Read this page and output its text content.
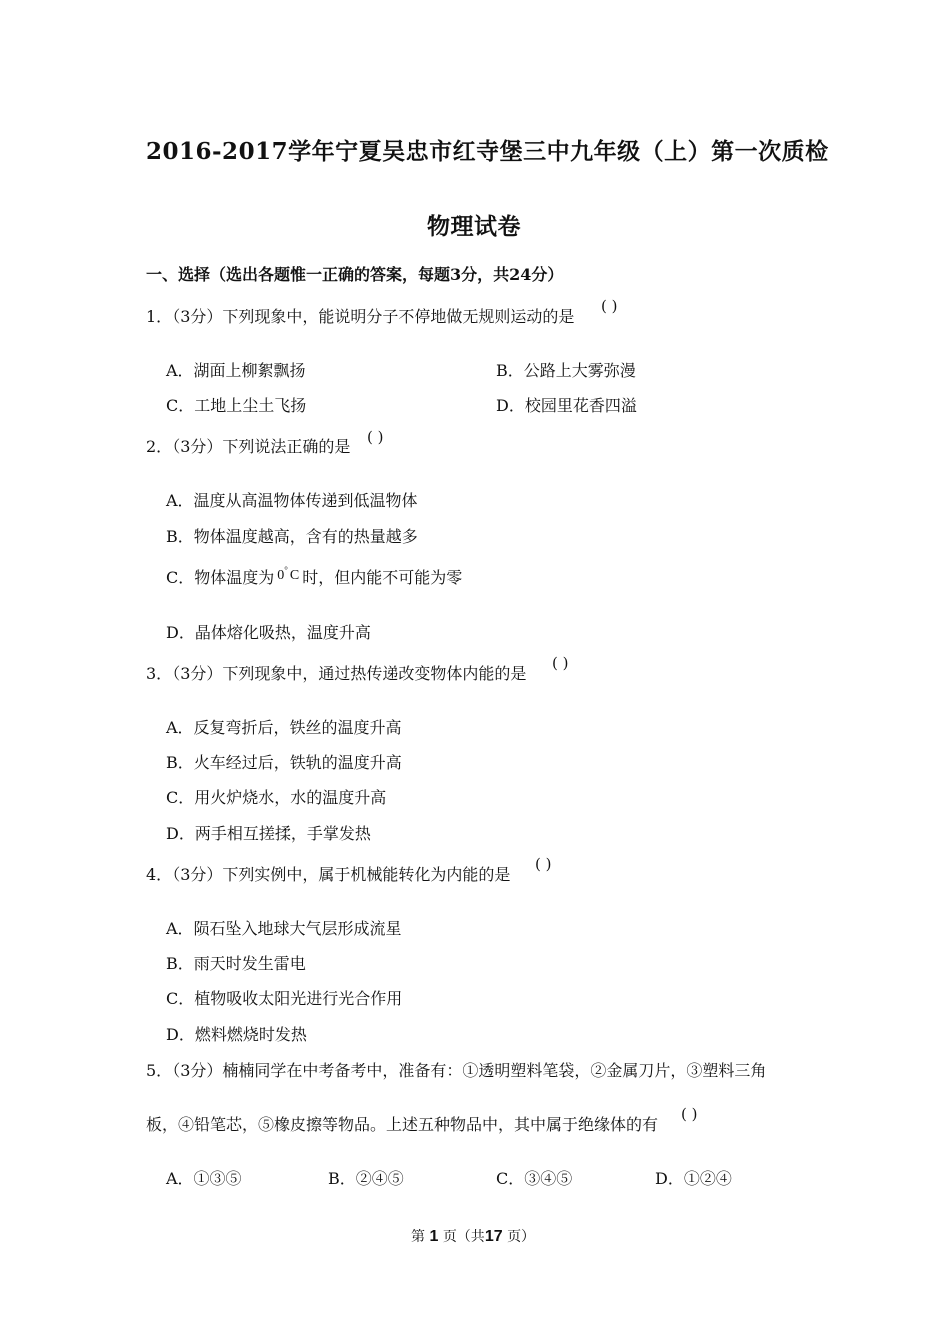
2016-2017学年宁夏吴忠市红寺堡三中九年级（上）第一次质检
物理试卷
一、选择（选出各题惟一正确的答案，每题3分，共24分）
1．（3分）下列现象中，能说明分子不停地做无规则运动的是
( )
A．湖面上柳絮飘扬	B．公路上大雾弥漫
C．工地上尘土飞扬	D．校园里花香四溢
2．（3分）下列说法正确的是 ( )
A．温度从高温物体传递到低温物体
B．物体温度越高，含有的热量越多
C．物体温度为 0° C 时，但内能不可能为零
D．晶体熔化吸热，温度升高
3．（3分）下列现象中，通过热传递改变物体内能的是
( )
A．反复弯折后，铁丝的温度升高
B．火车经过后，铁轨的温度升高
C．用火炉烧水，水的温度升高
D．两手相互搓揉，手掌发热
4．（3分）下列实例中，属于机械能转化为内能的是
( )
A．陨石坠入地球大气层形成流星
B．雨天时发生雷电
C．植物吸收太阳光进行光合作用
D．燃料燃烧时发热
5．（3分）楠楠同学在中考备考中，准备有：①透明塑料笔袋，②金属刀片，③塑料三角
板，④铅笔芯，⑤橡皮擦等物品。上述五种物品中，其中属于绝缘体的有
( )
A．①③⑤	B．②④⑤	C．③④⑤	D．①②④
第 1 页（共17 页）
